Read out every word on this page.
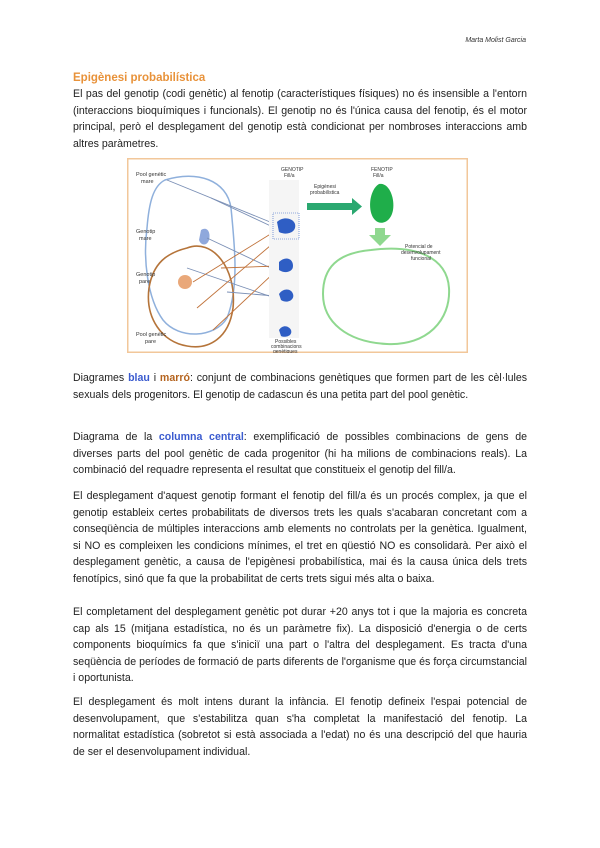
Marta Molist Garcia
Epigènesi probabilística

El pas del genotip (codi genètic) al fenotip (característiques físiques) no és insensible a l'entorn (interaccions bioquímiques i funcionals). El genotip no és l'única causa del fenotip, és el motor principal, però el desplegament del genotip està condicionat per nombroses interaccions amb altres paràmetres.

Pool genètic
mare
Genotip
mare
Genotip
pare
Pool genètic
pare
GENOTIP
Fill/a
Possibles
combinacions
genètiques
Epigènesi
probabilística
FENOTIP
Fill/a
Potencial de
desenvolupament
funcional

Diagrames blau i marró: conjunt de combinacions genètiques que formen part de les cèl·lules sexuals dels progenitors. El genotip de cadascun és una petita part del pool genètic.

Diagrama de la columna central: exemplificació de possibles combinacions de gens de diverses parts del pool genètic de cada progenitor (hi ha milions de combinacions reals). La combinació del requadre representa el resultat que constitueix el genotip del fill/a.

El desplegament d'aquest genotip formant el fenotip del fill/a és un procés complex, ja que el genotip estableix certes probabilitats de diversos trets les quals s'acabaran concretant com a conseqüència de múltiples interaccions amb elements no controlats per la genètica. Igualment, si NO es compleixen les condicions mínimes, el tret en qüestió NO es consolidarà. Per això el desplegament genètic, a causa de l'epigènesi probabilística, mai és la causa única dels trets fenotípics, sinó que fa que la probabilitat de certs trets sigui més alta o baixa.

El completament del desplegament genètic pot durar +20 anys tot i que la majoria es concreta cap als 15 (mitjana estadística, no és un paràmetre fix). La disposició d'energia o de certs components bioquímics fa que s'iniciï una part o l'altra del desplegament. Es tracta d'una seqüència de períodes de formació de parts diferents de l'organisme que és força circumstancial i oportunista.

El desplegament és molt intens durant la infància. El fenotip defineix l'espai potencial de desenvolupament, que s'estabilitza quan s'ha completat la manifestació del fenotip. La normalitat estadística (sobretot si està associada a l'edat) no és una descripció del que hauria de ser el desenvolupament individual.
